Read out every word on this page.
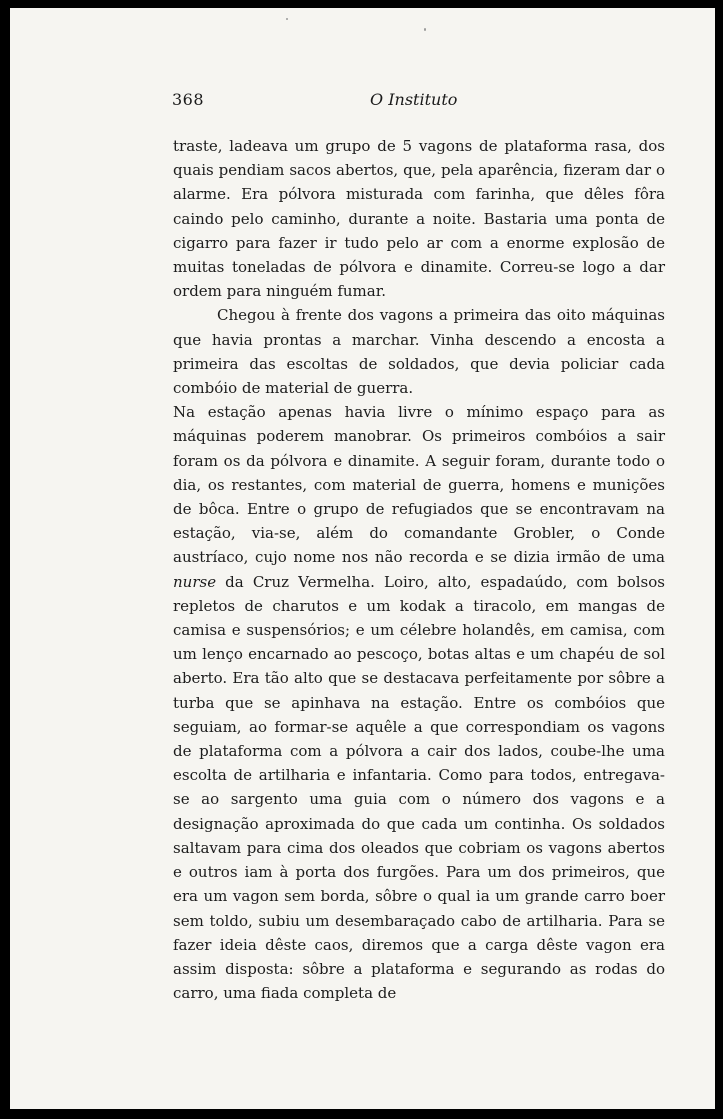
368	O Instituto

traste, ladeava um grupo de 5 vagons de plataforma rasa, dos quais pendiam sacos abertos, que, pela aparência, fizeram dar o alarme. Era pólvora misturada com farinha, que dêles fôra caindo pelo caminho, durante a noite. Bastaria uma ponta de cigarro para fazer ir tudo pelo ar com a enorme explosão de muitas toneladas de pólvora e dinamite. Correu-se logo a dar ordem para ninguém fumar.

Chegou à frente dos vagons a primeira das oito máquinas que havia prontas a marchar. Vinha descendo a encosta a primeira das escoltas de soldados, que devia policiar cada combóio de material de guerra.

Na estação apenas havia livre o mínimo espaço para as máquinas poderem manobrar. Os primeiros combóios a sair foram os da pólvora e dinamite. A seguir foram, durante todo o dia, os restantes, com material de guerra, homens e munições de bôca. Entre o grupo de refugiados que se encontravam na estação, via-se, além do comandante Grobler, o Conde austríaco, cujo nome nos não recorda e se dizia irmão de uma nurse da Cruz Vermelha. Loiro, alto, espadaúdo, com bolsos repletos de charutos e um kodak a tiracolo, em mangas de camisa e suspensórios; e um célebre holandês, em camisa, com um lenço encarnado ao pescoço, botas altas e um chapéu de sol aberto. Era tão alto que se destacava perfeitamente por sôbre a turba que se apinhava na estação. Entre os combóios que seguiam, ao formar-se aquêle a que correspondiam os vagons de plataforma com a pólvora a cair dos lados, coube-lhe uma escolta de artilharia e infantaria. Como para todos, entregava-se ao sargento uma guia com o número dos vagons e a designação aproximada do que cada um continha. Os soldados saltavam para cima dos oleados que cobriam os vagons abertos e outros iam à porta dos furgões. Para um dos primeiros, que era um vagon sem borda, sôbre o qual ia um grande carro boer sem toldo, subiu um desembaraçado cabo de artilharia. Para se fazer ideia dêste caos, diremos que a carga dêste vagon era assim disposta: sôbre a plataforma e segurando as rodas do carro, uma fiada completa de
